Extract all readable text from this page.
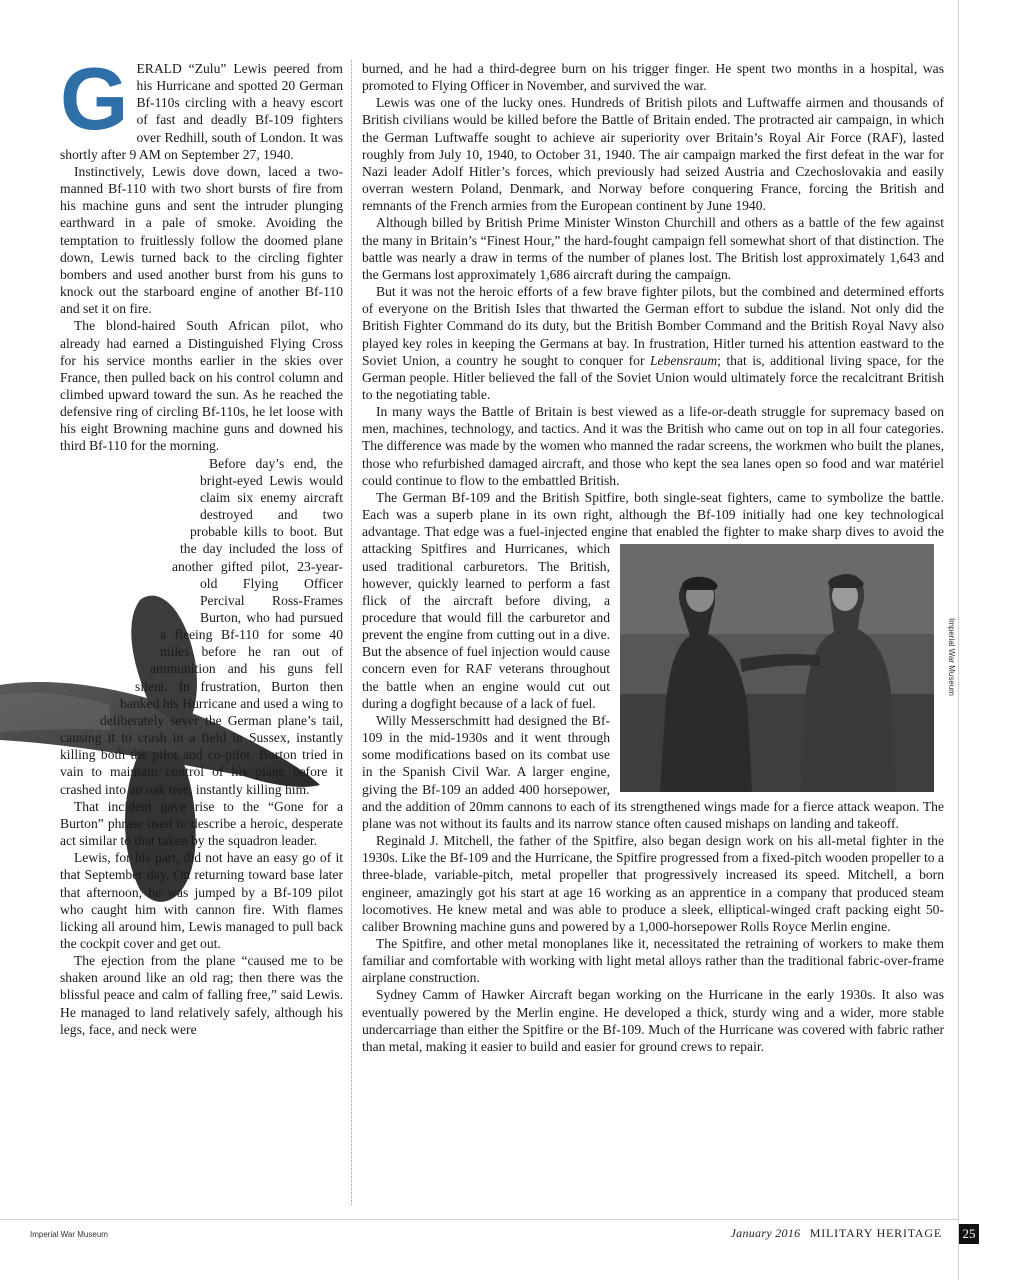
GERALD “Zulu” Lewis peered from his Hurricane and spotted 20 German Bf-110s circling with a heavy escort of fast and deadly Bf-109 fighters over Redhill, south of London. It was shortly after 9 AM on September 27, 1940.

Instinctively, Lewis dove down, laced a two-manned Bf-110 with two short bursts of fire from his machine guns and sent the intruder plunging earthward in a pale of smoke. Avoiding the temptation to fruitlessly follow the doomed plane down, Lewis turned back to the circling fighter bombers and used another burst from his guns to knock out the starboard engine of another Bf-110 and set it on fire.

The blond-haired South African pilot, who already had earned a Distinguished Flying Cross for his service months earlier in the skies over France, then pulled back on his control column and climbed upward toward the sun. As he reached the defensive ring of circling Bf-110s, he let loose with his eight Browning machine guns and downed his third Bf-110 for the morning.

Before day’s end, the bright-eyed Lewis would claim six enemy aircraft destroyed and two probable kills to boot. But the day included the loss of another gifted pilot, 23-year-old Flying Officer Percival Ross-Frames Burton, who had pursued a fleeing Bf-110 for some 40 miles before he ran out of ammunition and his guns fell silent. In frustration, Burton then banked his Hurricane and used a wing to deliberately sever the German plane’s tail, causing it to crash in a field in Sussex, instantly killing both the pilot and co-pilot. Burton tried in vain to maintain control of his plane before it crashed into an oak tree, instantly killing him.

That incident gave rise to the “Gone for a Burton” phrase used to describe a heroic, desperate act similar to that taken by the squadron leader.

Lewis, for his part, did not have an easy go of it that September day. On returning toward base later that afternoon, he was jumped by a Bf-109 pilot who caught him with cannon fire. With flames licking all around him, Lewis managed to pull back the cockpit cover and get out.

The ejection from the plane “caused me to be shaken around like an old rag; then there was the blissful peace and calm of falling free,” said Lewis. He managed to land relatively safely, although his legs, face, and neck were

burned, and he had a third-degree burn on his trigger finger. He spent two months in a hospital, was promoted to Flying Officer in November, and survived the war.

Lewis was one of the lucky ones. Hundreds of British pilots and Luftwaffe airmen and thousands of British civilians would be killed before the Battle of Britain ended. The protracted air campaign, in which the German Luftwaffe sought to achieve air superiority over Britain’s Royal Air Force (RAF), lasted roughly from July 10, 1940, to October 31, 1940. The air campaign marked the first defeat in the war for Nazi leader Adolf Hitler’s forces, which previously had seized Austria and Czechoslovakia and easily overran western Poland, Denmark, and Norway before conquering France, forcing the British and remnants of the French armies from the European continent by June 1940.

Although billed by British Prime Minister Winston Churchill and others as a battle of the few against the many in Britain’s “Finest Hour,” the hard-fought campaign fell somewhat short of that distinction. The battle was nearly a draw in terms of the number of planes lost. The British lost approximately 1,643 and the Germans lost approximately 1,686 aircraft during the campaign.

But it was not the heroic efforts of a few brave fighter pilots, but the combined and determined efforts of everyone on the British Isles that thwarted the German effort to subdue the island. Not only did the British Fighter Command do its duty, but the British Bomber Command and the British Royal Navy also played key roles in keeping the Germans at bay. In frustration, Hitler turned his attention eastward to the Soviet Union, a country he sought to conquer for Lebensraum; that is, additional living space, for the German people. Hitler believed the fall of the Soviet Union would ultimately force the recalcitrant British to the negotiating table.

In many ways the Battle of Britain is best viewed as a life-or-death struggle for supremacy based on men, machines, technology, and tactics. And it was the British who came out on top in all four categories. The difference was made by the women who manned the radar screens, the workmen who built the planes, those who refurbished damaged aircraft, and those who kept the sea lanes open so food and war matériel could continue to flow to the embattled British.

The German Bf-109 and the British Spitfire, both single-seat fighters, came to symbolize the battle. Each was a superb plane in its own right, although the Bf-109 initially had one key technological advantage. That edge was a fuel-injected engine that enabled the fighter to make sharp dives to avoid the attacking Spitfires and Hurricanes,
Imperial War Museum
which used traditional carburetors. The British, however, quickly learned to perform a fast flick of the aircraft before diving, a procedure that would fill the carburetor and prevent the engine from cutting out in a dive. But the absence of fuel injection would cause concern even for RAF veterans throughout the battle when an engine would cut out during a dogfight because of a lack of fuel.

Willy Messerschmitt had designed the Bf-109 in the mid-1930s and it went through some modifications based on its combat use in the Spanish Civil War. A larger engine, giving the Bf-109 an added 400 horsepower, and the addition of 20mm cannons to each of its strengthened wings made for a fierce attack weapon. The plane was not without its faults and its narrow stance often caused mishaps on landing and takeoff.

Reginald J. Mitchell, the father of the Spitfire, also began design work on his all-metal fighter in the 1930s. Like the Bf-109 and the Hurricane, the Spitfire progressed from a fixed-pitch wooden propeller to a three-blade, variable-pitch, metal propeller that progressively increased its speed. Mitchell, a born engineer, amazingly got his start at age 16 working as an apprentice in a company that produced steam locomotives. He knew metal and was able to produce a sleek, elliptical-winged craft packing eight 50-caliber Browning machine guns and powered by a 1,000-horsepower Rolls Royce Merlin engine.

The Spitfire, and other metal monoplanes like it, necessitated the retraining of workers to make them familiar and comfortable with working with light metal alloys rather than the traditional fabric-over-frame airplane construction.

Sydney Camm of Hawker Aircraft began working on the Hurricane in the early 1930s. It also was eventually powered by the Merlin engine. He developed a thick, sturdy wing and a wider, more stable undercarriage than either the Spitfire or the Bf-109. Much of the Hurricane was covered with fabric rather than metal, making it easier to build and easier for ground crews to repair.

Imperial War Museum	January 2016 MILITARY HERITAGE 25
